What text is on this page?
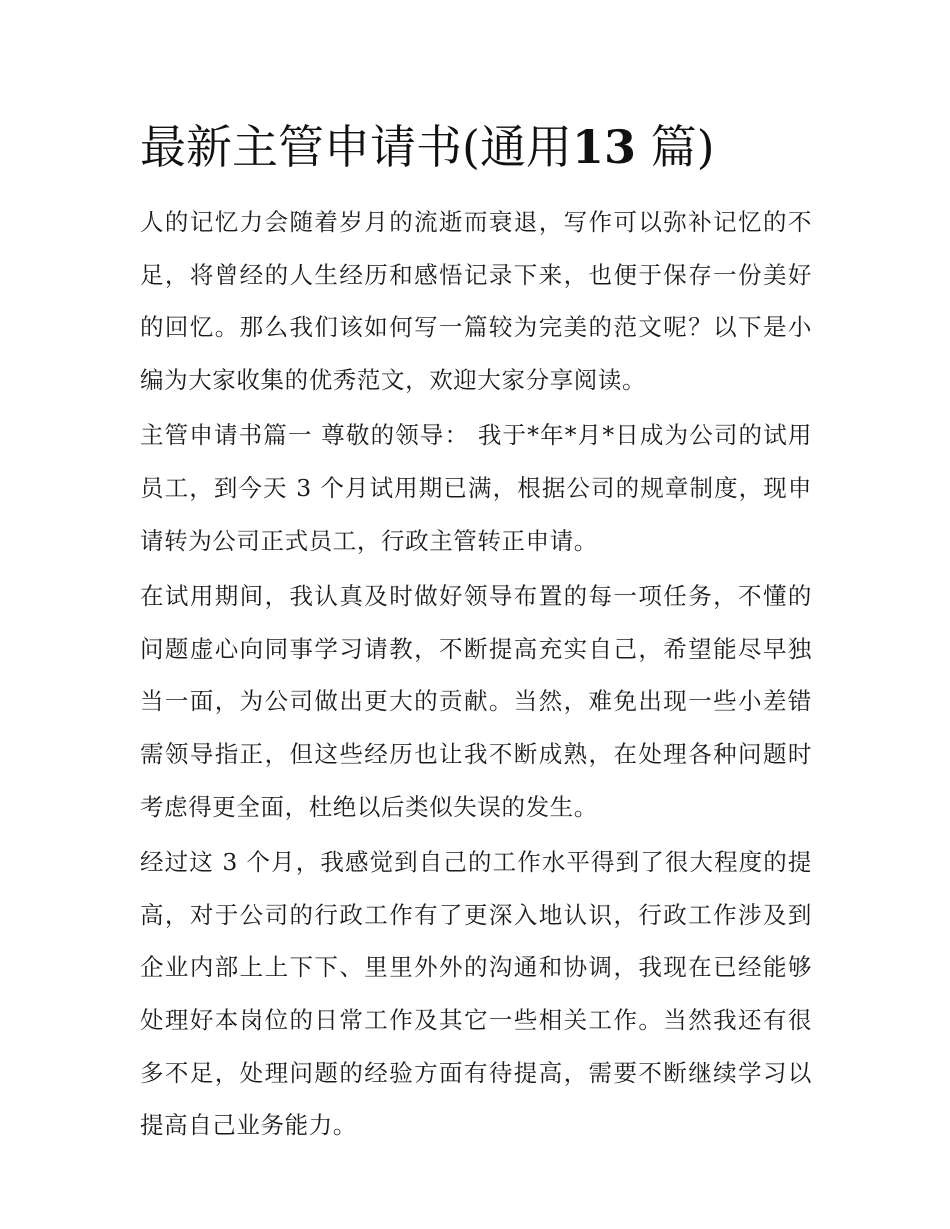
最新主管申请书(通用13 篇)

人的记忆力会随着岁月的流逝而衰退，写作可以弥补记忆的不足，将曾经的人生经历和感悟记录下来，也便于保存一份美好的回忆。那么我们该如何写一篇较为完美的范文呢？以下是小编为大家收集的优秀范文，欢迎大家分享阅读。

主管申请书篇一 尊敬的领导： 我于*年*月*日成为公司的试用员工，到今天 3 个月试用期已满，根据公司的规章制度，现申请转为公司正式员工，行政主管转正申请。

在试用期间，我认真及时做好领导布置的每一项任务，不懂的问题虚心向同事学习请教，不断提高充实自己，希望能尽早独当一面，为公司做出更大的贡献。当然，难免出现一些小差错需领导指正，但这些经历也让我不断成熟，在处理各种问题时考虑得更全面，杜绝以后类似失误的发生。

经过这 3 个月，我感觉到自己的工作水平得到了很大程度的提高，对于公司的行政工作有了更深入地认识，行政工作涉及到企业内部上上下下、里里外外的沟通和协调，我现在已经能够处理好本岗位的日常工作及其它一些相关工作。当然我还有很多不足，处理问题的经验方面有待提高，需要不断继续学习以提高自己业务能力。
